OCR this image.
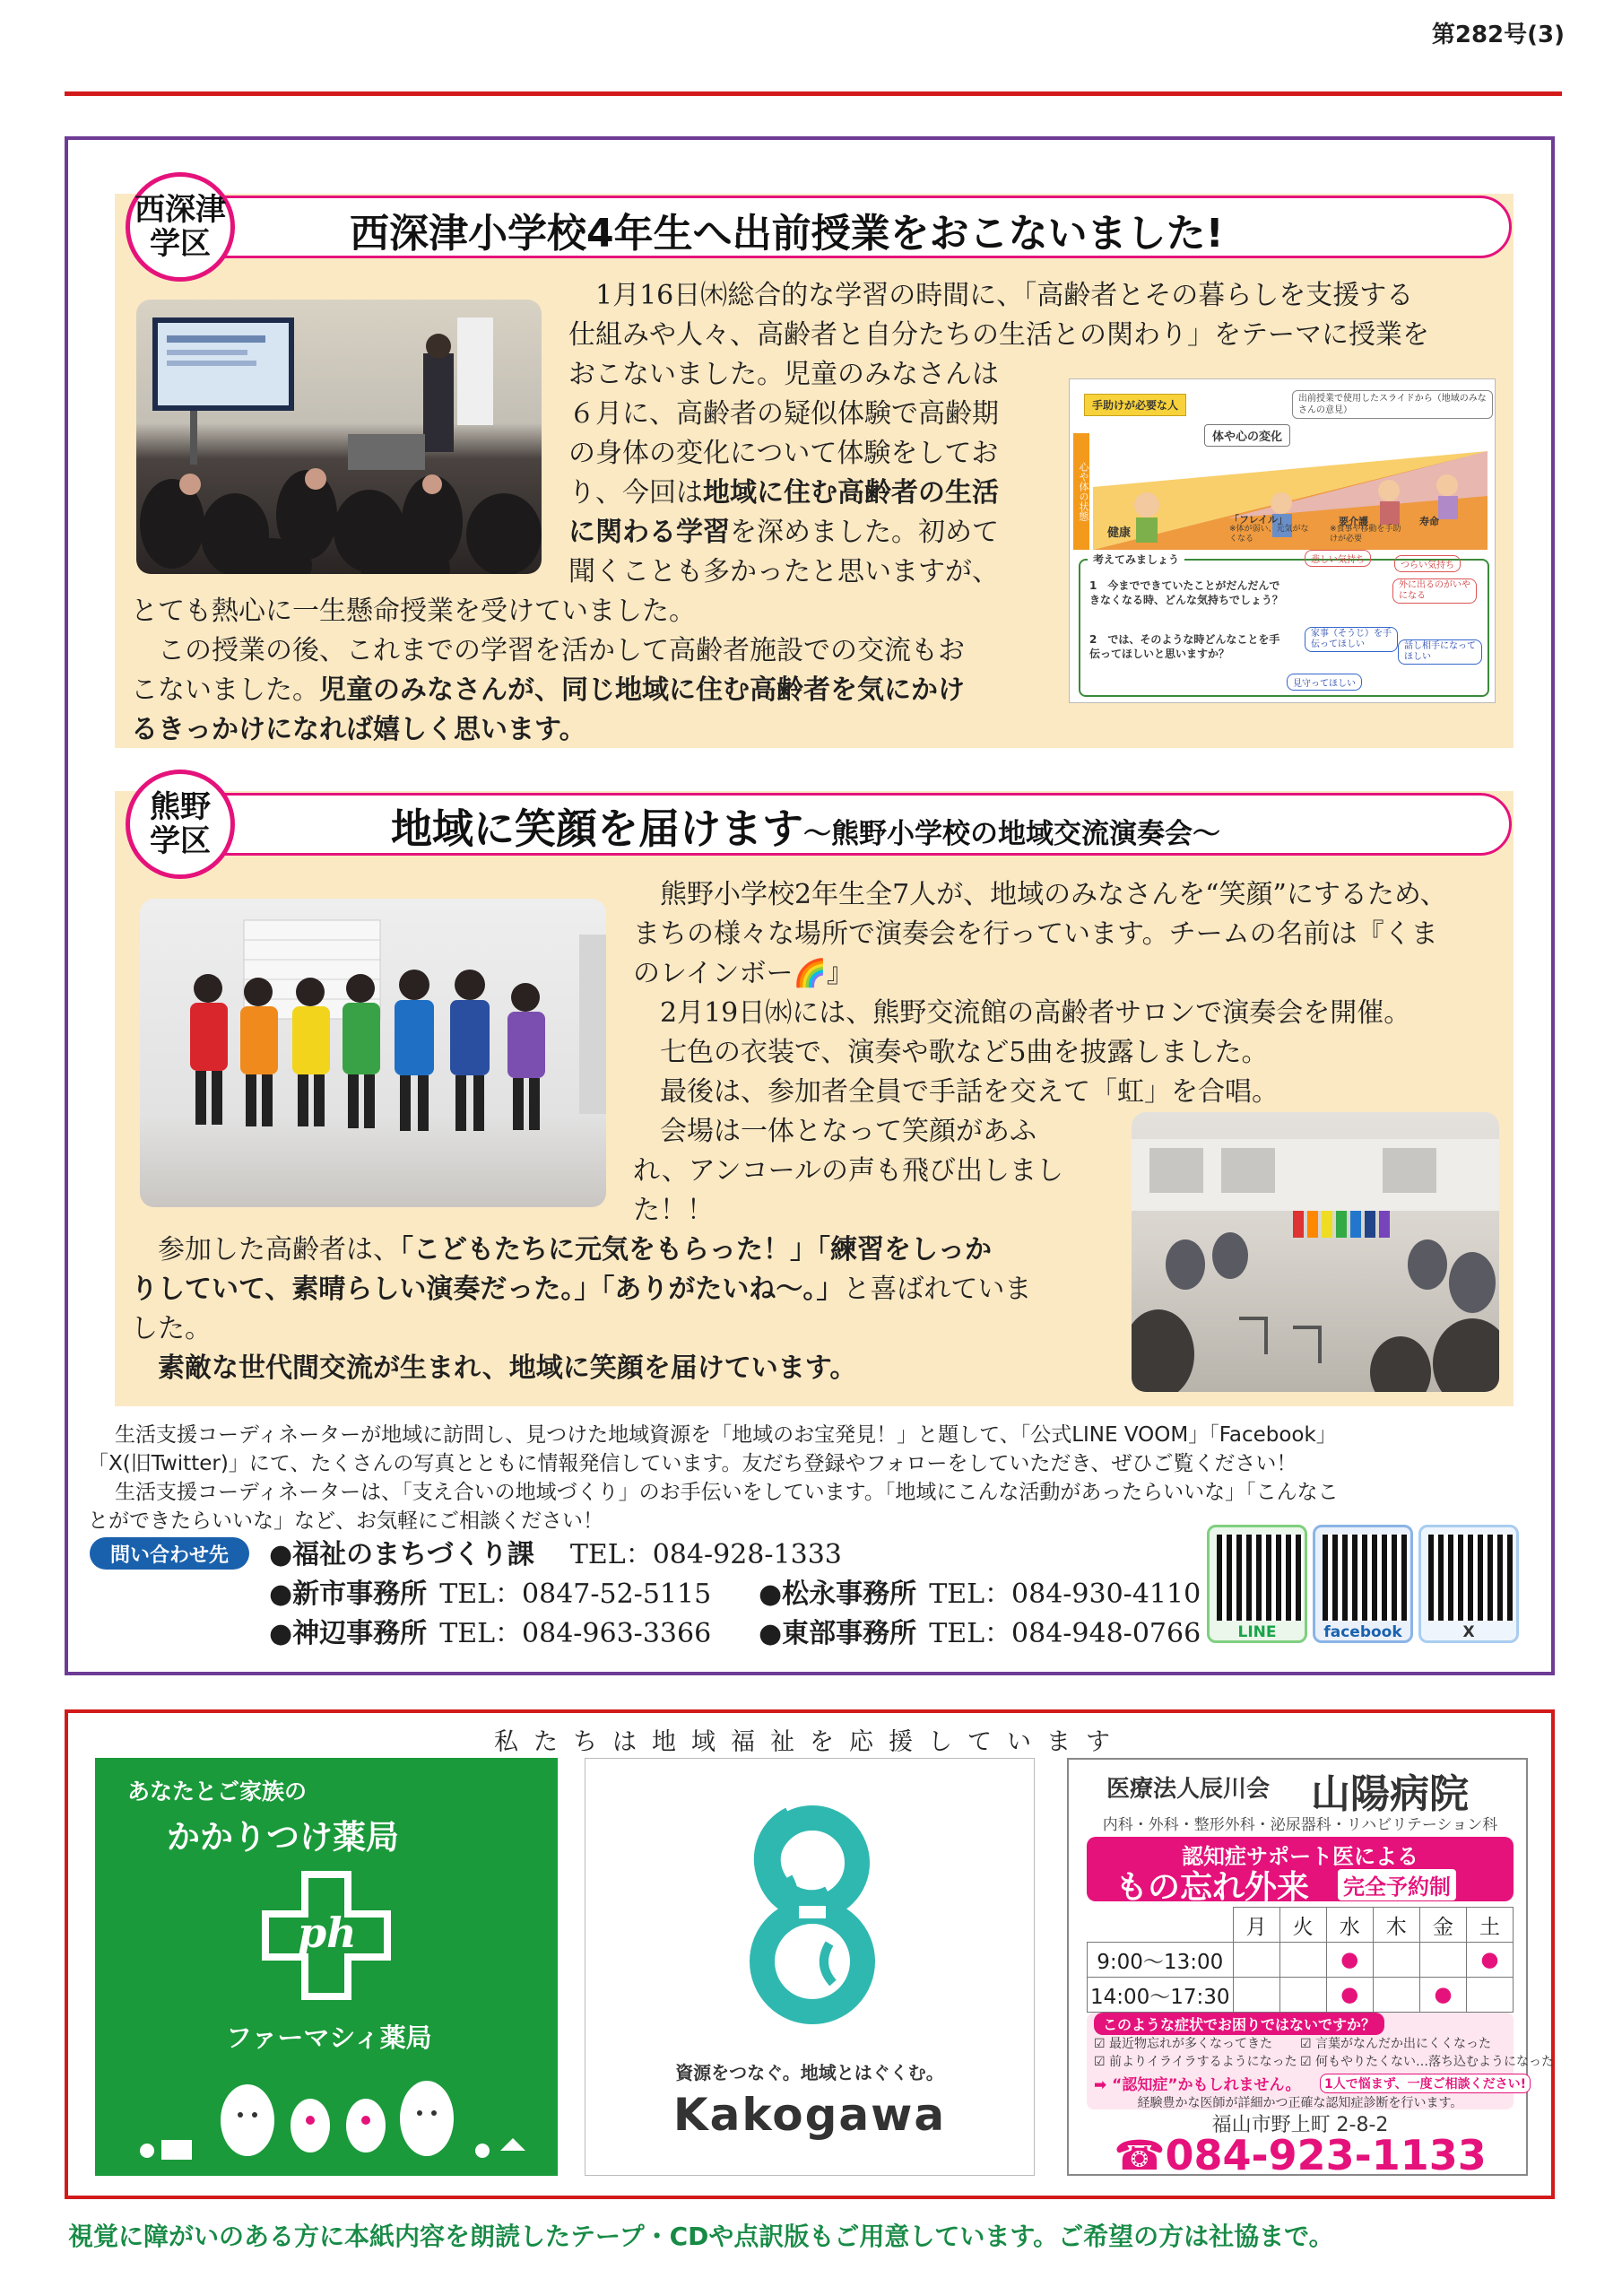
第282号(3)
西深津小学校4年生へ出前授業をおこないました!
西深津
学区
手助けが必要な人
出前授業で使用したスライドから（地域のみなさんの意見）
心や体の状態
体や心の変化
健康
「フレイル」
※体が弱い、元気がなくなる
要介護
※食事や移動を手助けが必要
寿命
考えてみましょう
1　今までできていたことがだんだんできなくなる時、どんな気持ちでしょう？
2　では、そのような時どんなことを手伝ってほしいと思いますか？
悲しい気持ち
つらい気持ち
外に出るのがいやになる
家事（そうじ）を手伝ってほしい	話し相手になってほしい
見守ってほしい
1月16日㈭総合的な学習の時間に、「高齢者とその暮らしを支援する
仕組みや人々、高齢者と自分たちの生活との関わり」をテーマに授業を
おこないました。児童のみなさんは
６月に、高齢者の疑似体験で高齢期
の身体の変化について体験をしてお
り、今回は地域に住む高齢者の生活
に関わる学習を深めました。初めて
聞くことも多かったと思いますが、
とても熱心に一生懸命授業を受けていました。
この授業の後、これまでの学習を活かして高齢者施設での交流もお
こないました。児童のみなさんが、同じ地域に住む高齢者を気にかけ
るきっかけになれば嬉しく思います。
地域に笑顔を届けます〜熊野小学校の地域交流演奏会〜
熊野
学区
熊野小学校2年生全7人が、地域のみなさんを“笑顔”にするため、
まちの様々な場所で演奏会を行っています。チームの名前は『くま
のレインボー🌈』
2月19日㈬には、熊野交流館の高齢者サロンで演奏会を開催。
七色の衣装で、演奏や歌など5曲を披露しました。
最後は、参加者全員で手話を交えて「虹」を合唱。
会場は一体となって笑顔があふ
れ、アンコールの声も飛び出しまし
た！！
参加した高齢者は、「こどもたちに元気をもらった！」「練習をしっか
りしていて、素晴らしい演奏だった。」「ありがたいね〜。」と喜ばれていま
した。
素敵な世代間交流が生まれ、地域に笑顔を届けています。
生活支援コーディネーターが地域に訪問し、見つけた地域資源を「地域のお宝発見！」と題して、「公式LINE VOOM」「Facebook」
「X(旧Twitter)」にて、たくさんの写真とともに情報発信しています。友だち登録やフォローをしていただき、ぜひご覧ください！
生活支援コーディネーターは、「支え合いの地域づくり」のお手伝いをしています。「地域にこんな活動があったらいいな」「こんなこ
とができたらいいな」など、お気軽にご相談ください！
問い合わせ先	●福祉のまちづくり課 TEL：084-928-1333
●新市事務所 TEL：0847-52-5115 ●松永事務所 TEL：084-930-4110
●神辺事務所 TEL：084-963-3366 ●東部事務所 TEL：084-948-0766	LINE	facebook	X
私たちは地域福祉を応援しています
あなたとご家族の
かかりつけ薬局
ph
ファーマシィ薬局
資源をつなぐ。地域とはぐくむ。
Kakogawa
医療法人辰川会 山陽病院
内科・外科・整形外科・泌尿器科・リハビリテーション科
認知症サポート医による
もの忘れ外来 完全予約制
	月	火	水	木	金	土
9:00〜13:00			●			●
14:00〜17:30			●		●	
このような症状でお困りではないですか？
☑ 最近物忘れが多くなってきた ☑ 言葉がなんだか出にくくなった
☑ 前よりイライラするようになった ☑ 何もやりたくない…落ち込むようになった
➡ “認知症”かもしれません。	1人で悩まず、一度ご相談ください!
経験豊かな医師が詳細かつ正確な認知症診断を行います。
福山市野上町 2-8-2
☎084-923-1133
視覚に障がいのある方に本紙内容を朗読したテープ・CDや点訳版もご用意しています。ご希望の方は社協まで。
